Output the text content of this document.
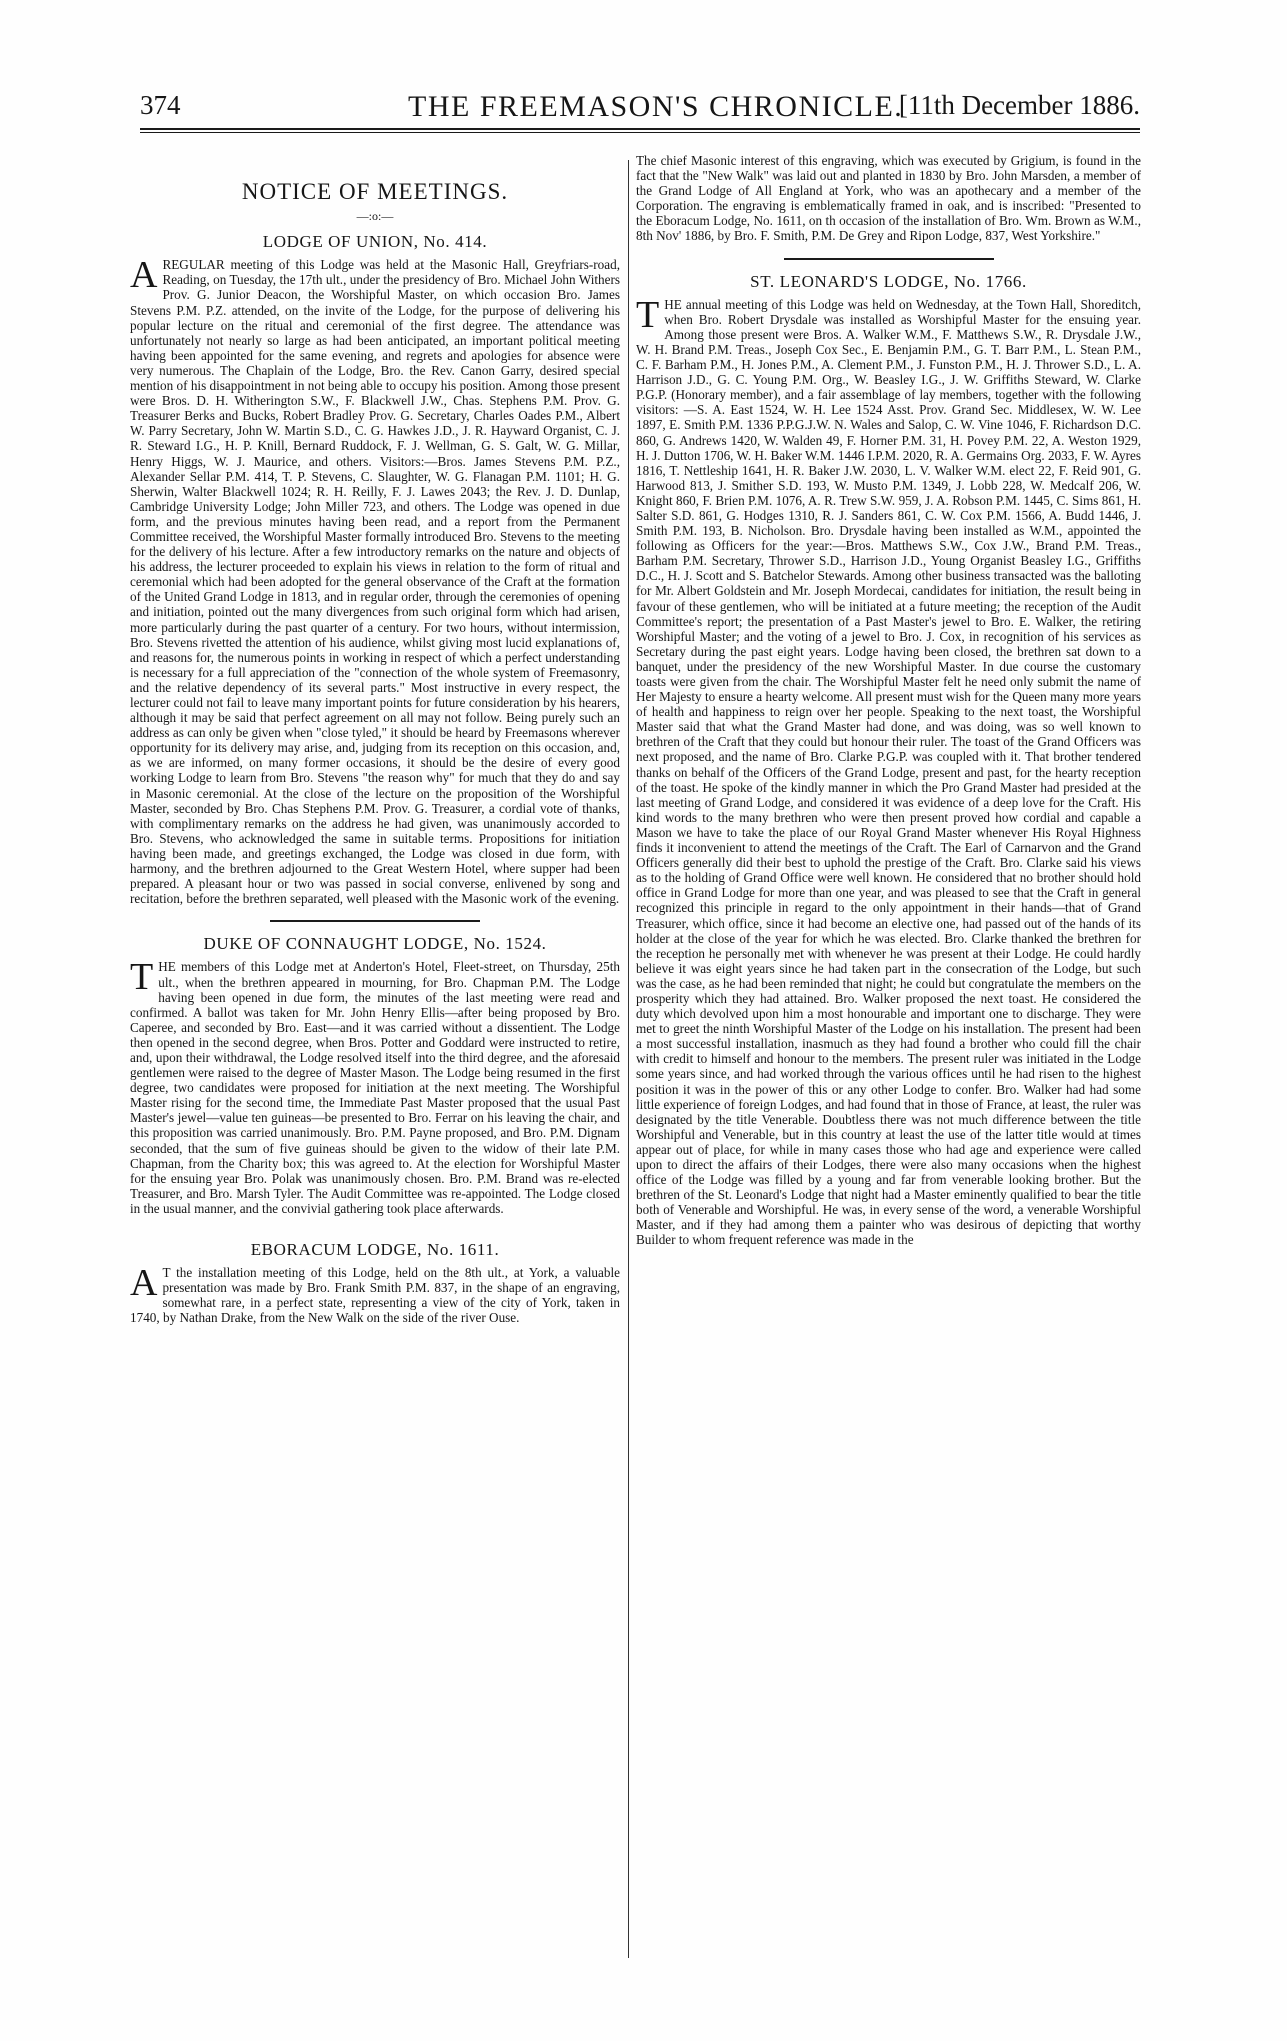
374	THE FREEMASON'S CHRONICLE.
[11th December 1886.
NOTICE OF MEETINGS.
—:o:—
LODGE OF UNION, No. 414.

AREGULAR meeting of this Lodge was held at the Masonic Hall, Greyfriars-road, Reading, on Tuesday, the 17th ult., under the presidency of Bro. Michael John Withers Prov. G. Junior Deacon, the Worshipful Master, on which occasion Bro. James Stevens P.M. P.Z. attended, on the invite of the Lodge, for the purpose of delivering his popular lecture on the ritual and ceremonial of the first degree. The attendance was unfortunately not nearly so large as had been anticipated, an important political meeting having been appointed for the same evening, and regrets and apologies for absence were very numerous. The Chaplain of the Lodge, Bro. the Rev. Canon Garry, desired special mention of his disappointment in not being able to occupy his position. Among those present were Bros. D. H. Witherington S.W., F. Blackwell J.W., Chas. Stephens P.M. Prov. G. Treasurer Berks and Bucks, Robert Bradley Prov. G. Secretary, Charles Oades P.M., Albert W. Parry Secretary, John W. Martin S.D., C. G. Hawkes J.D., J. R. Hayward Organist, C. J. R. Steward I.G., H. P. Knill, Bernard Ruddock, F. J. Wellman, G. S. Galt, W. G. Millar, Henry Higgs, W. J. Maurice, and others. Visitors:—Bros. James Stevens P.M. P.Z., Alexander Sellar P.M. 414, T. P. Stevens, C. Slaughter, W. G. Flanagan P.M. 1101; H. G. Sherwin, Walter Blackwell 1024; R. H. Reilly, F. J. Lawes 2043; the Rev. J. D. Dunlap, Cambridge University Lodge; John Miller 723, and others. The Lodge was opened in due form, and the previous minutes having been read, and a report from the Permanent Committee received, the Worshipful Master formally introduced Bro. Stevens to the meeting for the delivery of his lecture. After a few introductory remarks on the nature and objects of his address, the lecturer proceeded to explain his views in relation to the form of ritual and ceremonial which had been adopted for the general observance of the Craft at the formation of the United Grand Lodge in 1813, and in regular order, through the ceremonies of opening and initiation, pointed out the many divergences from such original form which had arisen, more particularly during the past quarter of a century. For two hours, without intermission, Bro. Stevens rivetted the attention of his audience, whilst giving most lucid explanations of, and reasons for, the numerous points in working in respect of which a perfect understanding is necessary for a full appreciation of the "connection of the whole system of Freemasonry, and the relative dependency of its several parts." Most instructive in every respect, the lecturer could not fail to leave many important points for future consideration by his hearers, although it may be said that perfect agreement on all may not follow. Being purely such an address as can only be given when "close tyled," it should be heard by Freemasons wherever opportunity for its delivery may arise, and, judging from its reception on this occasion, and, as we are informed, on many former occasions, it should be the desire of every good working Lodge to learn from Bro. Stevens "the reason why" for much that they do and say in Masonic ceremonial. At the close of the lecture on the proposition of the Worshipful Master, seconded by Bro. Chas Stephens P.M. Prov. G. Treasurer, a cordial vote of thanks, with complimentary remarks on the address he had given, was unanimously accorded to Bro. Stevens, who acknowledged the same in suitable terms. Propositions for initiation having been made, and greetings exchanged, the Lodge was closed in due form, with harmony, and the brethren adjourned to the Great Western Hotel, where supper had been prepared. A pleasant hour or two was passed in social converse, enlivened by song and recitation, before the brethren separated, well pleased with the Masonic work of the evening.

DUKE OF CONNAUGHT LODGE, No. 1524.

THE members of this Lodge met at Anderton's Hotel, Fleet-street, on Thursday, 25th ult., when the brethren appeared in mourning, for Bro. Chapman P.M. The Lodge having been opened in due form, the minutes of the last meeting were read and confirmed. A ballot was taken for Mr. John Henry Ellis—after being proposed by Bro. Caperee, and seconded by Bro. East—and it was carried without a dissentient. The Lodge then opened in the second degree, when Bros. Potter and Goddard were instructed to retire, and, upon their withdrawal, the Lodge resolved itself into the third degree, and the aforesaid gentlemen were raised to the degree of Master Mason. The Lodge being resumed in the first degree, two candidates were proposed for initiation at the next meeting. The Worshipful Master rising for the second time, the Immediate Past Master proposed that the usual Past Master's jewel—value ten guineas—be presented to Bro. Ferrar on his leaving the chair, and this proposition was carried unanimously. Bro. P.M. Payne proposed, and Bro. P.M. Dignam seconded, that the sum of five guineas should be given to the widow of their late P.M. Chapman, from the Charity box; this was agreed to. At the election for Worshipful Master for the ensuing year Bro. Polak was unanimously chosen. Bro. P.M. Brand was re-elected Treasurer, and Bro. Marsh Tyler. The Audit Committee was re-appointed. The Lodge closed in the usual manner, and the convivial gathering took place afterwards.

EBORACUM LODGE, No. 1611.

A T the installation meeting of this Lodge, held on the 8th ult., at York, a valuable presentation was made by Bro. Frank Smith P.M. 837, in the shape of an engraving, somewhat rare, in a perfect state, representing a view of the city of York, taken in 1740, by Nathan Drake, from the New Walk on the side of the river Ouse.

The chief Masonic interest of this engraving, which was executed by Grigium, is found in the fact that the "New Walk" was laid out and planted in 1830 by Bro. John Marsden, a member of the Grand Lodge of All England at York, who was an apothecary and a member of the Corporation. The engraving is emblematically framed in oak, and is inscribed: "Presented to the Eboracum Lodge, No. 1611, on th occasion of the installation of Bro. Wm. Brown as W.M., 8th Nov' 1886, by Bro. F. Smith, P.M. De Grey and Ripon Lodge, 837, West Yorkshire."

ST. LEONARD'S LODGE, No. 1766.

THE annual meeting of this Lodge was held on Wednesday, at the Town Hall, Shoreditch, when Bro. Robert Drysdale was installed as Worshipful Master for the ensuing year. Among those present were Bros. A. Walker W.M., F. Matthews S.W., R. Drysdale J.W., W. H. Brand P.M. Treas., Joseph Cox Sec., E. Benjamin P.M., G. T. Barr P.M., L. Stean P.M., C. F. Barham P.M., H. Jones P.M., A. Clement P.M., J. Funston P.M., H. J. Thrower S.D., L. A. Harrison J.D., G. C. Young P.M. Org., W. Beasley I.G., J. W. Griffiths Steward, W. Clarke P.G.P. (Honorary member), and a fair assemblage of lay members, together with the following visitors: —S. A. East 1524, W. H. Lee 1524 Asst. Prov. Grand Sec. Middlesex, W. W. Lee 1897, E. Smith P.M. 1336 P.P.G.J.W. N. Wales and Salop, C. W. Vine 1046, F. Richardson D.C. 860, G. Andrews 1420, W. Walden 49, F. Horner P.M. 31, H. Povey P.M. 22, A. Weston 1929, H. J. Dutton 1706, W. H. Baker W.M. 1446 I.P.M. 2020, R. A. Germains Org. 2033, F. W. Ayres 1816, T. Nettleship 1641, H. R. Baker J.W. 2030, L. V. Walker W.M. elect 22, F. Reid 901, G. Harwood 813, J. Smither S.D. 193, W. Musto P.M. 1349, J. Lobb 228, W. Medcalf 206, W. Knight 860, F. Brien P.M. 1076, A. R. Trew S.W. 959, J. A. Robson P.M. 1445, C. Sims 861, H. Salter S.D. 861, G. Hodges 1310, R. J. Sanders 861, C. W. Cox P.M. 1566, A. Budd 1446, J. Smith P.M. 193, B. Nicholson. Bro. Drysdale having been installed as W.M., appointed the following as Officers for the year:—Bros. Matthews S.W., Cox J.W., Brand P.M. Treas., Barham P.M. Secretary, Thrower S.D., Harrison J.D., Young Organist Beasley I.G., Griffiths D.C., H. J. Scott and S. Batchelor Stewards. Among other business transacted was the balloting for Mr. Albert Goldstein and Mr. Joseph Mordecai, candidates for initiation, the result being in favour of these gentlemen, who will be initiated at a future meeting; the reception of the Audit Committee's report; the presentation of a Past Master's jewel to Bro. E. Walker, the retiring Worshipful Master; and the voting of a jewel to Bro. J. Cox, in recognition of his services as Secretary during the past eight years. Lodge having been closed, the brethren sat down to a banquet, under the presidency of the new Worshipful Master. In due course the customary toasts were given from the chair. The Worshipful Master felt he need only submit the name of Her Majesty to ensure a hearty welcome. All present must wish for the Queen many more years of health and happiness to reign over her people. Speaking to the next toast, the Worshipful Master said that what the Grand Master had done, and was doing, was so well known to brethren of the Craft that they could but honour their ruler. The toast of the Grand Officers was next proposed, and the name of Bro. Clarke P.G.P. was coupled with it. That brother tendered thanks on behalf of the Officers of the Grand Lodge, present and past, for the hearty reception of the toast. He spoke of the kindly manner in which the Pro Grand Master had presided at the last meeting of Grand Lodge, and considered it was evidence of a deep love for the Craft. His kind words to the many brethren who were then present proved how cordial and capable a Mason we have to take the place of our Royal Grand Master whenever His Royal Highness finds it inconvenient to attend the meetings of the Craft. The Earl of Carnarvon and the Grand Officers generally did their best to uphold the prestige of the Craft. Bro. Clarke said his views as to the holding of Grand Office were well known. He considered that no brother should hold office in Grand Lodge for more than one year, and was pleased to see that the Craft in general recognized this principle in regard to the only appointment in their hands—that of Grand Treasurer, which office, since it had become an elective one, had passed out of the hands of its holder at the close of the year for which he was elected. Bro. Clarke thanked the brethren for the reception he personally met with whenever he was present at their Lodge. He could hardly believe it was eight years since he had taken part in the consecration of the Lodge, but such was the case, as he had been reminded that night; he could but congratulate the members on the prosperity which they had attained. Bro. Walker proposed the next toast. He considered the duty which devolved upon him a most honourable and important one to discharge. They were met to greet the ninth Worshipful Master of the Lodge on his installation. The present had been a most successful installation, inasmuch as they had found a brother who could fill the chair with credit to himself and honour to the members. The present ruler was initiated in the Lodge some years since, and had worked through the various offices until he had risen to the highest position it was in the power of this or any other Lodge to confer. Bro. Walker had had some little experience of foreign Lodges, and had found that in those of France, at least, the ruler was designated by the title Venerable. Doubtless there was not much difference between the title Worshipful and Venerable, but in this country at least the use of the latter title would at times appear out of place, for while in many cases those who had age and experience were called upon to direct the affairs of their Lodges, there were also many occasions when the highest office of the Lodge was filled by a young and far from venerable looking brother. But the brethren of the St. Leonard's Lodge that night had a Master eminently qualified to bear the title both of Venerable and Worshipful. He was, in every sense of the word, a venerable Worshipful Master, and if they had among them a painter who was desirous of depicting that worthy Builder to whom frequent reference was made in the
